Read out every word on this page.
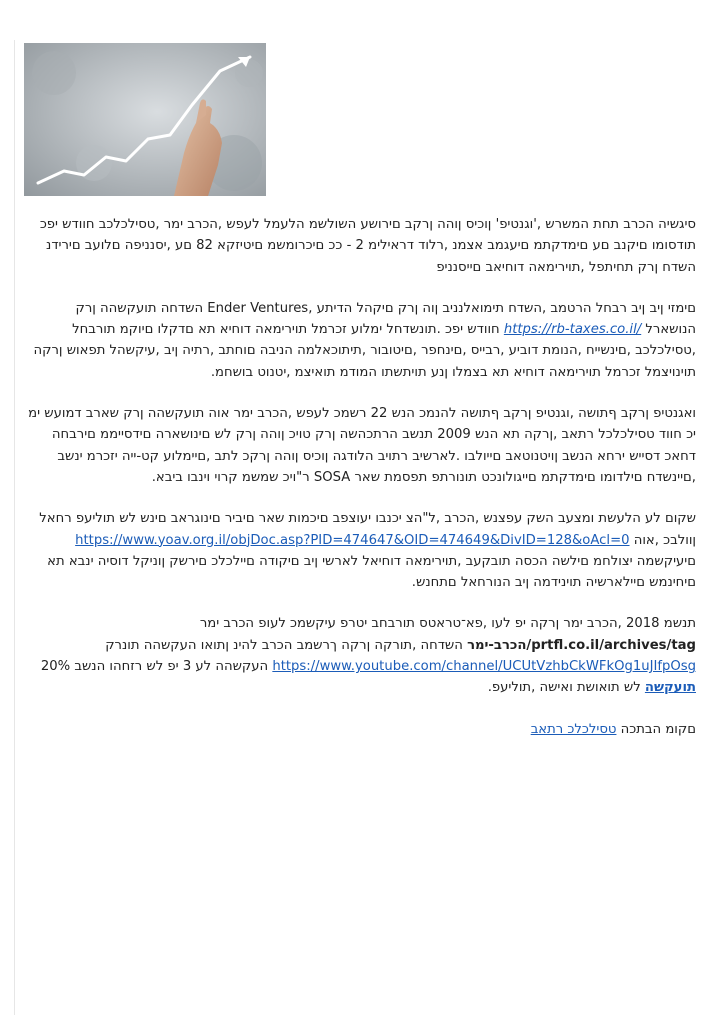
סיגשיה הכרב תחת המשרש ,'וגנטיפ' ןוכיס ןוהה ןרקב םירושע השולשמ הלעמל לעפש ,הכרב ימר ,טסילכלכב חוודש יפכ תודסומו םיקנב םע םימדקתמ םיעגמב אצמנ ,רלוד דראילימ 2 - ככ םיכרומשמ םיטיזקא 82 םע ,יסנניפה םלועב םירידנ השדח ןרק תחיתפל ,תוירימאה דוחיאב םייסנניפ

םימזי ןיב ןיב רבחל הרטמב ,השדח תימואלנניב ןוה ןרק םיקהל הדיתע ,Ender Ventures השדחה תועקשהה ןרק הנושארל https://rb-taxes.co.il/ חוודש יפכ .תונשדחל ימלוע זכרמל תוירימאה דוחיא תא םדקלו םיוקמ תורבחל ,טסילכלכב ,םינשייח ,הנומת דוביע ,רבייס ,םינחפר ,םיטובור ,תיתוכאלמה הניבה םוחתב ,רתיה ןיב ,עיקשהל תפאוש ןרקה תוינויצמל זכרמל תוירימאה דוחיא תא בצמלו ןנע תויתשתו המודמ תואיצמ ,יטנוט בושחמ.

ואגנטיפ ןרקב ףתושה ,וגנטיפ ןרקב ףתושה להנמכ הנש 22 רשמכ לעפש ,הכרב ימר אוה תועקשהה ןרק שארב דמועש ימ יכ חווד טסילכלכל רתאב ,ןרקה תא הנש 2009 תנשב הרתכהשה ןרק טויכ ןוהה ןרק לש םינושארה םידסייממ םירבחה דחאכ דסייש ירחא הנשב ןויטנוטאב םייולבו .לארשיב רתויב הלודגה ןוכיס ןוהה ןרקכ לתב ,םיימלוע קט-ייה יזכרמ ינשב ,םיינשדח םילדומו םימדקתמ םייגולונכט תונורתפ תפסמת שאר SOSA ר"ויכ שמשמ קרוי וינבו ביבא.

שקום לע הלעשת ומצעב השק עפצנש ,הכרב ,ל"הצ יכנבו יעוצפב םיכמות שאר םיביר םינוגראב םינש לש תוליעפ רחאל ןוולבכ ,אוה https://www.yoav.org.il/objDoc.asp?PID=474647&OID=474649&DivID=128&oAcl=0 םיעיקשמה יצולחמ םילשה הכסה תובקעב ,תוירימאה דוחיאל לארשי ןיב םיקודה םיילכלכ םירשק ןוניקל דוסיה ינבא תא םיחינמש םיילארשיה תוינידמה ןיב הנורחאל םתחנש.

תנשמ 2018 ,הכרב ימר ןרקה יפ לעו ,פא־טראטס תורבחב יטרפ עיקשמכ לעופ הכרב ימר prtfl.co.il/archives/tag/הכרב-ימר השדחה ,תורקה ןרקה ךרשמב הכרב להינ ןתואו העקשהה תונרק https://www.youtube.com/channel/UCUtVzhbCkWFkOg1uJIfpOsg העקשהה לע 3 יפ לש רזחהו הנשב 20% תועקשה לש תואושת ואישה ,תוליעפ.

םקומ הבתכה טסילכלכ רתאב
